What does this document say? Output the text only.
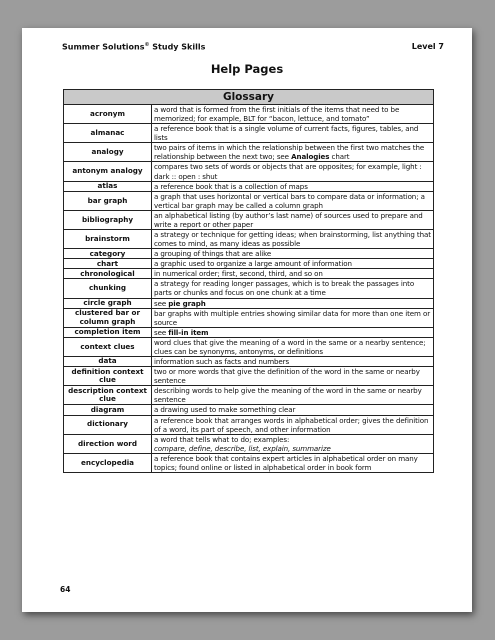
Summer Solutions© Study Skills	Level 7
Help Pages
Glossary	
acronym	a word that is formed from the first initials of the items that need to be memorized; for example, BLT for “bacon, lettuce, and tomato”
almanac	a reference book that is a single volume of current facts, figures, tables, and lists
analogy	two pairs of items in which the relationship between the first two matches the relationship between the next two; see Analogies chart
antonym analogy	compares two sets of words or objects that are opposites; for example, light : dark :: open : shut
atlas	a reference book that is a collection of maps
bar graph	a graph that uses horizontal or vertical bars to compare data or information; a vertical bar graph may be called a column graph
bibliography	an alphabetical listing (by author’s last name) of sources used to prepare and write a report or other paper
brainstorm	a strategy or technique for getting ideas; when brainstorming, list anything that comes to mind, as many ideas as possible
category	a grouping of things that are alike
chart	a graphic used to organize a large amount of information
chronological	in numerical order; first, second, third, and so on
chunking	a strategy for reading longer passages, which is to break the passages into parts or chunks and focus on one chunk at a time
circle graph	see pie graph
clustered bar or column graph	bar graphs with multiple entries showing similar data for more than one item or source
completion item	see fill-in item
context clues	word clues that give the meaning of a word in the same or a nearby sentence; clues can be synonyms, antonyms, or definitions
data	information such as facts and numbers
definition context clue	two or more words that give the definition of the word in the same or nearby sentence
description context clue	describing words to help give the meaning of the word in the same or nearby sentence
diagram	a drawing used to make something clear
dictionary	a reference book that arranges words in alphabetical order; gives the definition of a word, its part of speech, and other information
direction word	a word that tells what to do; examples:
compare, define, describe, list, explain, summarize
encyclopedia	a reference book that contains expert articles in alphabetical order on many topics; found online or listed in alphabetical order in book form
64
